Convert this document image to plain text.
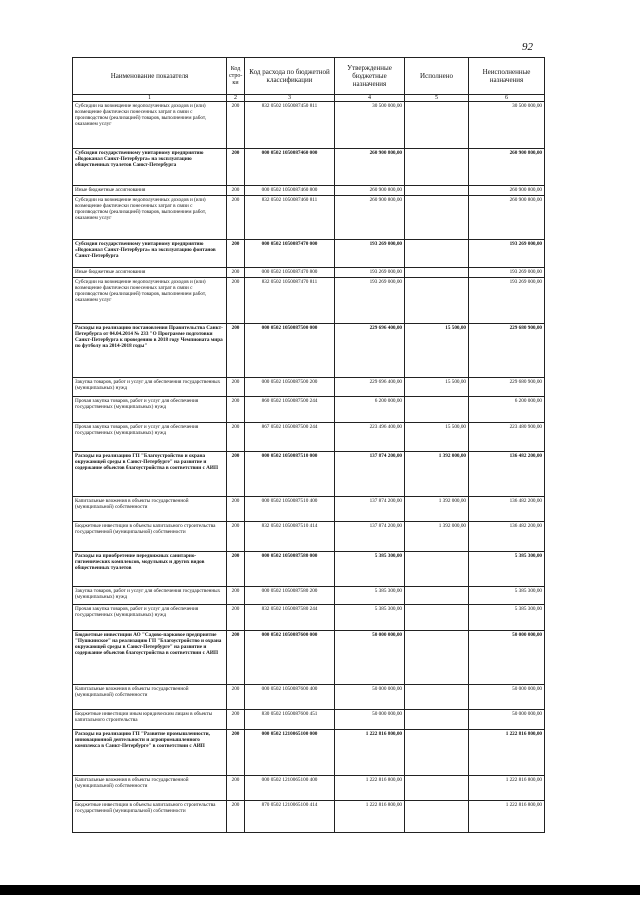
92
Наименование показателя	Код стро- ки	Код расхода по бюджетной классификации	Утвержденные бюджетные назначения	Исполнено	Неисполненные назначения
1	2	3	4	5	6
Субсидии на возмещение недополученных доходов и (или) возмещение фактически понесенных затрат в связи с производством (реализацией) товаров, выполнением работ, оказанием услуг	200	832 0502 1050087450 811	30 500 000,00		30 500 000,00
Субсидия государственному унитарному предприятию «Водоканал Санкт-Петербурга» на эксплуатацию общественных туалетов Санкт-Петербурга	200	000 0502 1050087460 000	260 900 800,00		260 900 800,00
Иные бюджетные ассигнования	200	000 0502 1050087460 800	260 900 800,00		260 900 800,00
Субсидии на возмещение недополученных доходов и (или) возмещение фактически понесенных затрат в связи с производством (реализацией) товаров, выполнением работ, оказанием услуг	200	832 0502 1050087460 811	260 900 800,00		260 900 800,00
Субсидия государственному унитарному предприятию «Водоканал Санкт-Петербурга» на эксплуатацию фонтанов Санкт-Петербурга	200	000 0502 1050087470 000	193 269 000,00		193 269 000,00
Иные бюджетные ассигнования	200	000 0502 1050087470 800	193 269 000,00		193 269 000,00
Субсидии на возмещение недополученных доходов и (или) возмещение фактически понесенных затрат в связи с производством (реализацией) товаров, выполнением работ, оказанием услуг	200	832 0502 1050087470 811	193 269 000,00		193 269 000,00
Расходы на реализацию постановления Правительства Санкт-Петербурга от 04.04.2014 № 233 "О Программе подготовки Санкт-Петербурга к проведению в 2018 году Чемпионата мира по футболу на 2014-2018 годы"	200	000 0502 1050087500 000	229 696 400,00	15 500,00	229 680 900,00
Закупка товаров, работ и услуг для обеспечения государственных (муниципальных) нужд	200	000 0502 1050087500 200	229 696 400,00	15 500,00	229 680 900,00
Прочая закупка товаров, работ и услуг для обеспечения государственных (муниципальных) нужд	200	860 0502 1050087500 244	6 200 000,00		6 200 000,00
Прочая закупка товаров, работ и услуг для обеспечения государственных (муниципальных) нужд	200	867 0502 1050087500 244	223 496 400,00	15 500,00	223 480 900,00
Расходы на реализацию ГП "Благоустройство и охрана окружающей среды в Санкт-Петербурге" на развитие и содержание объектов благоустройства в соответствии с АИП	200	000 0502 1050087510 000	137 874 200,00	1 392 000,00	136 482 200,00
Капитальные вложения в объекты государственной (муниципальной) собственности	200	000 0502 1050087510 400	137 874 200,00	1 392 000,00	136 482 200,00
Бюджетные инвестиции в объекты капитального строительства государственной (муниципальной) собственности	200	832 0502 1050087510 414	137 874 200,00	1 392 000,00	136 482 200,00
Расходы на приобретение передвижных санитарно-гигиенических комплексов, модульных и других видов общественных туалетов	200	000 0502 1050087580 000	5 385 300,00		5 385 300,00
Закупка товаров, работ и услуг для обеспечения государственных (муниципальных) нужд	200	000 0502 1050087580 200	5 385 300,00		5 385 300,00
Прочая закупка товаров, работ и услуг для обеспечения государственных (муниципальных) нужд	200	832 0502 1050087580 244	5 385 300,00		5 385 300,00
Бюджетные инвестиции АО "Садово-парковое предприятие "Пушкинское" на реализацию ГП "Благоустройство и охрана окружающей среды в Санкт-Петербурге" на развитие и содержание объектов благоустройства в соответствии с АИП	200	000 0502 1050087600 000	50 000 000,00		50 000 000,00
Капитальные вложения в объекты государственной (муниципальной) собственности	200	000 0502 1050087600 400	50 000 000,00		50 000 000,00
Бюджетные инвестиции иным юридическим лицам в объекты капитального строительства	200	830 0502 1050087600 451	50 000 000,00		50 000 000,00
Расходы на реализацию ГП "Развитие промышленности, инновационной деятельности и агропромышленного комплекса в Санкт-Петербурге" в соответствии с АИП	200	000 0502 1210065100 000	1 222 816 800,00		1 222 816 800,00
Капитальные вложения в объекты государственной (муниципальной) собственности	200	000 0502 1210065100 400	1 222 816 800,00		1 222 816 800,00
Бюджетные инвестиции в объекты капитального строительства государственной (муниципальной) собственности	200	870 0502 1210065100 414	1 222 816 800,00		1 222 816 800,00
